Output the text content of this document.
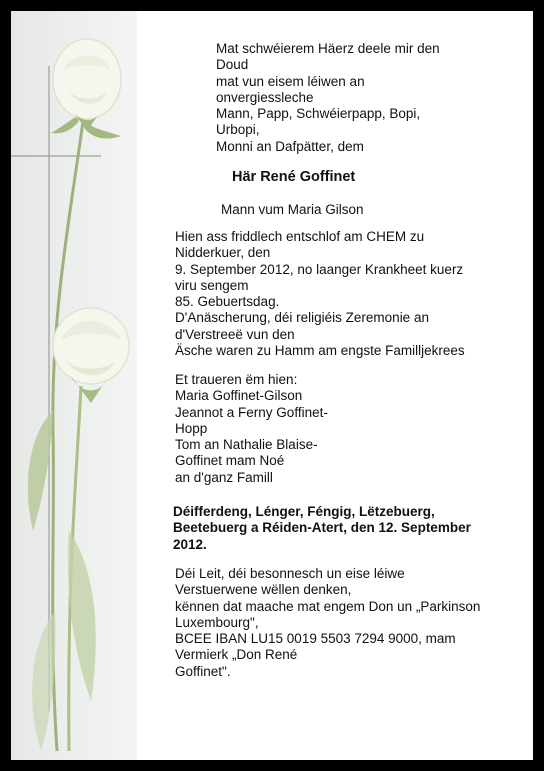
Mat schwéierem Häerz deele mir den
Doud
mat vun eisem léiwen an
onvergiessleche
Mann, Papp, Schwéierpapp, Bopi,
Urbopi,
Monni an Dafpätter, dem
Här René Goffinet
Mann vum Maria Gilson
Hien ass friddlech entschlof am CHEM zu
Nidderkuer, den
9. September 2012, no laanger Krankheet kuerz
viru sengem
85. Gebuertsdag.
D'Anäscherung, déi religiéis Zeremonie an
d'Verstreeë vun den
Äsche waren zu Hamm am engste Familljekrees
Et traueren ëm hien:
Maria Goffinet-Gilson
Jeannot a Ferny Goffinet-
Hopp
Tom an Nathalie Blaise-
Goffinet mam Noé
an d'ganz Famill
Déifferdeng, Lénger, Féngig, Lëtzebuerg,
Beetebuerg a Réiden-Atert, den 12. September
2012.
Déi Leit, déi besonnesch un eise léiwe
Verstuerwene wëllen denken,
kënnen dat maache mat engem Don un „Parkinson
Luxembourg",
BCEE IBAN LU15 0019 5503 7294 9000, mam
Vermierk „Don René
Goffinet".
